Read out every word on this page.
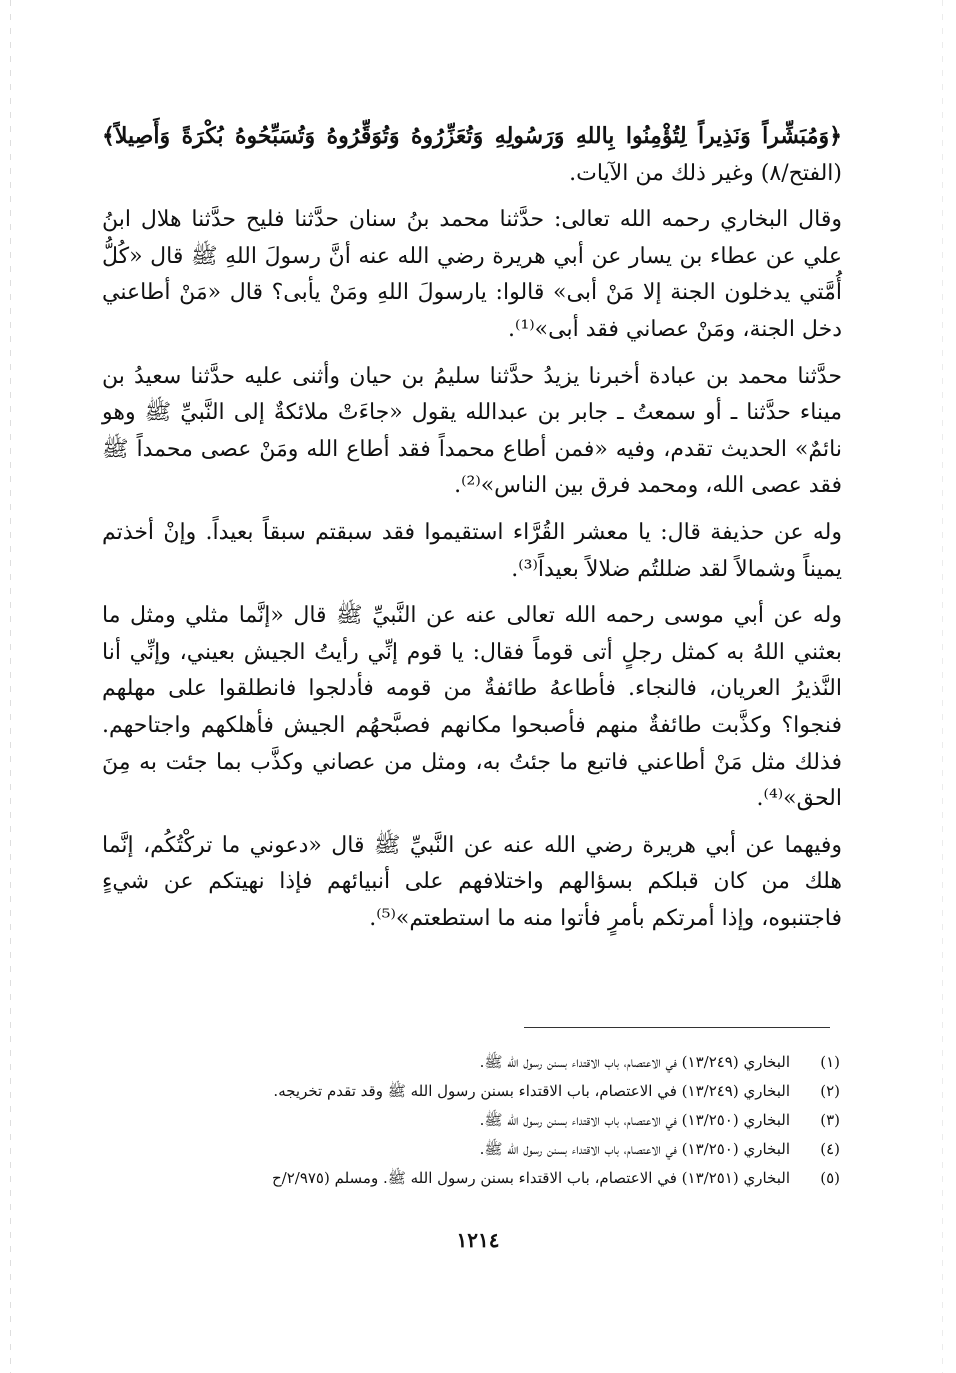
﴿وَمُبَشِّراً وَنَذِيراً لِتُؤْمِنُوا بِاللهِ وَرَسُولِهِ وَتُعَزِّرُوهُ وَتُوَقِّرُوهُ وَتُسَبِّحُوهُ بُكْرَةً وَأَصِيلاً﴾ (الفتح/٨) وغير ذلك من الآيات.

وقال البخاري رحمه الله تعالى: حدَّثنا محمد بنُ سنان حدَّثنا فليح حدَّثنا هلال ابنُ علي عن عطاء بن يسار عن أبي هريرة رضي الله عنه أنَّ رسولَ اللهِ ﷺ قال «كُلُّ أُمَّتي يدخلون الجنة إلا مَنْ أبى» قالوا: يارسولَ اللهِ ومَنْ يأبى؟ قال «مَنْ أطاعني دخل الجنة، ومَنْ عصاني فقد أبى»⁽¹⁾.

حدَّثنا محمد بن عبادة أخبرنا يزيدُ حدَّثنا سليمُ بن حيان وأثنى عليه حدَّثنا سعيدُ بن ميناء حدَّثنا ـ أو سمعتُ ـ جابر بن عبدالله يقول «جاءَتْ ملائكةٌ إلى النَّبيِّ ﷺ وهو نائمٌ» الحديث تقدم، وفيه «فمن أطاع محمداً فقد أطاع الله ومَنْ عصى محمداً ﷺ فقد عصى الله، ومحمد فرق بين الناس»⁽²⁾.

وله عن حذيفة قال: يا معشر القُرَّاء استقيموا فقد سبقتم سبقاً بعيداً. وإنْ أخذتم يميناً وشمالاً لقد ضللتُم ضلالاً بعيداً⁽³⁾.

وله عن أبي موسى رحمه الله تعالى عنه عن النَّبيِّ ﷺ قال «إنَّما مثلي ومثل ما بعثني اللهُ به كمثل رجلٍ أتى قوماً فقال: يا قوم إنِّي رأيتُ الجيش بعيني، وإنِّي أنا النَّذيرُ العريان، فالنجاء. فأطاعهُ طائفةٌ من قومه فأدلجوا فانطلقوا على مهلهم فنجوا؟ وكذَّبت طائفةٌ منهم فأصبحوا مكانهم فصبَّحهُم الجيش فأهلكهم واجتاحهم. فذلك مثل مَنْ أطاعني فاتبع ما جئتُ به، ومثل من عصاني وكذَّب بما جئت به مِنَ الحق»⁽⁴⁾.

وفيهما عن أبي هريرة رضي الله عنه عن النَّبيِّ ﷺ قال «دعوني ما تركْتُكُم، إنَّما هلك من كان قبلكم بسؤالهم واختلافهم على أنبيائهم فإذا نهيتكم عن شيءٍ فاجتنبوه، وإذا أمرتكم بأمرٍ فأتوا منه ما استطعتم»⁽⁵⁾.

(١)
البخاري (١٣/٢٤٩) في الاعتصام، باب الاقتداء بسنن رسول الله ﷺ.
(٢)
البخاري (١٣/٢٤٩) في الاعتصام، باب الاقتداء بسنن رسول الله ﷺ وقد تقدم تخريجه.
(٣)
البخاري (١٣/٢٥٠) في الاعتصام، باب الاقتداء بسنن رسول الله ﷺ.
(٤)
البخاري (١٣/٢٥٠) في الاعتصام، باب الاقتداء بسنن رسول الله ﷺ.
(٥)
البخاري (١٣/٢٥١) في الاعتصام، باب الاقتداء بسنن رسول الله ﷺ. ومسلم (٢/٩٧٥/ح
١٢١٤
